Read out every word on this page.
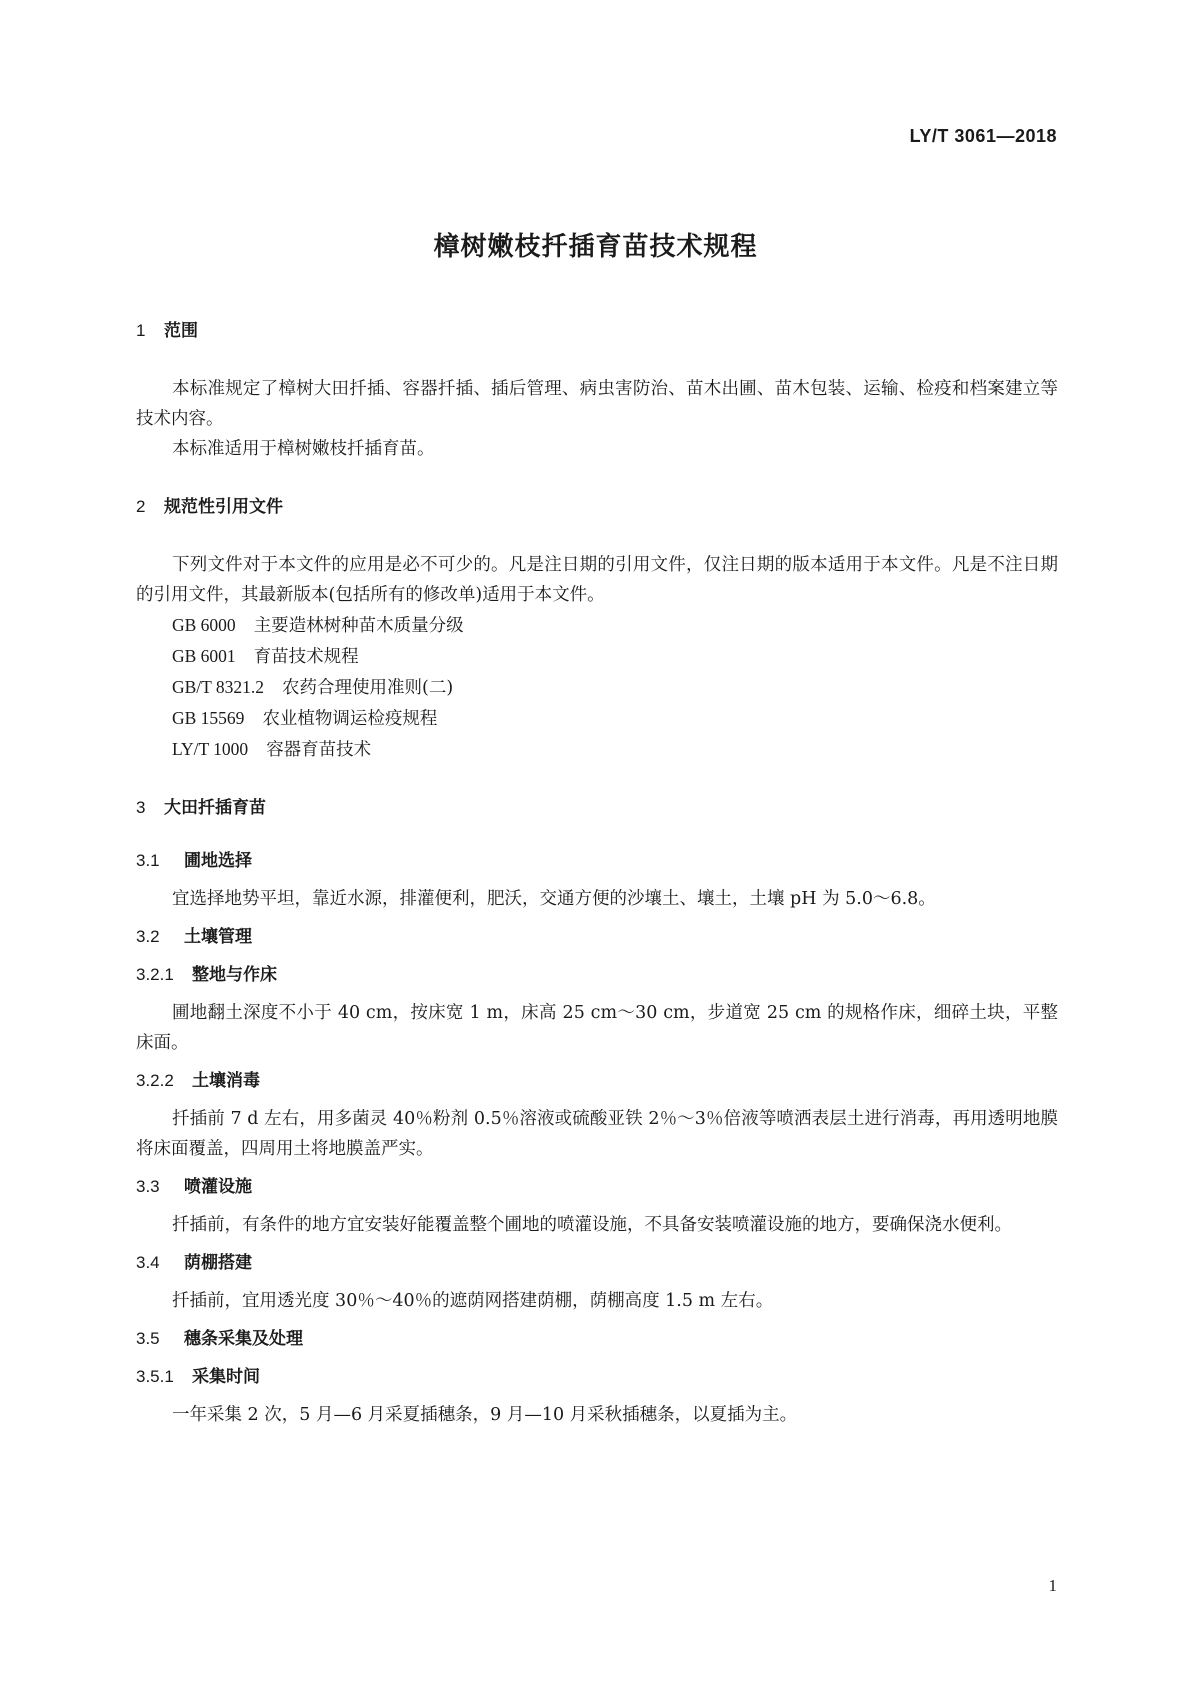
LY/T 3061—2018
樟树嫩枝扦插育苗技术规程
1 范围

本标准规定了樟树大田扦插、容器扦插、插后管理、病虫害防治、苗木出圃、苗木包装、运输、检疫和档案建立等技术内容。

本标准适用于樟树嫩枝扦插育苗。

2 规范性引用文件

下列文件对于本文件的应用是必不可少的。凡是注日期的引用文件，仅注日期的版本适用于本文件。凡是不注日期的引用文件，其最新版本(包括所有的修改单)适用于本文件。

GB 6000 主要造林树种苗木质量分级
GB 6001 育苗技术规程
GB/T 8321.2 农药合理使用准则(二)
GB 15569 农业植物调运检疫规程
LY/T 1000 容器育苗技术
3 大田扦插育苗
3.1 圃地选择

宜选择地势平坦，靠近水源，排灌便利，肥沃，交通方便的沙壤土、壤土，土壤 pH 为 5.0～6.8。

3.2 土壤管理
3.2.1 整地与作床

圃地翻土深度不小于 40 cm，按床宽 1 m，床高 25 cm～30 cm，步道宽 25 cm 的规格作床，细碎土块，平整床面。

3.2.2 土壤消毒

扦插前 7 d 左右，用多菌灵 40％粉剂 0.5％溶液或硫酸亚铁 2％～3％倍液等喷洒表层土进行消毒，再用透明地膜将床面覆盖，四周用土将地膜盖严实。

3.3 喷灌设施

扦插前，有条件的地方宜安装好能覆盖整个圃地的喷灌设施，不具备安装喷灌设施的地方，要确保浇水便利。

3.4 荫棚搭建

扦插前，宜用透光度 30％～40％的遮荫网搭建荫棚，荫棚高度 1.5 m 左右。

3.5 穗条采集及处理
3.5.1 采集时间

一年采集 2 次，5 月—6 月采夏插穗条，9 月—10 月采秋插穗条，以夏插为主。

1
